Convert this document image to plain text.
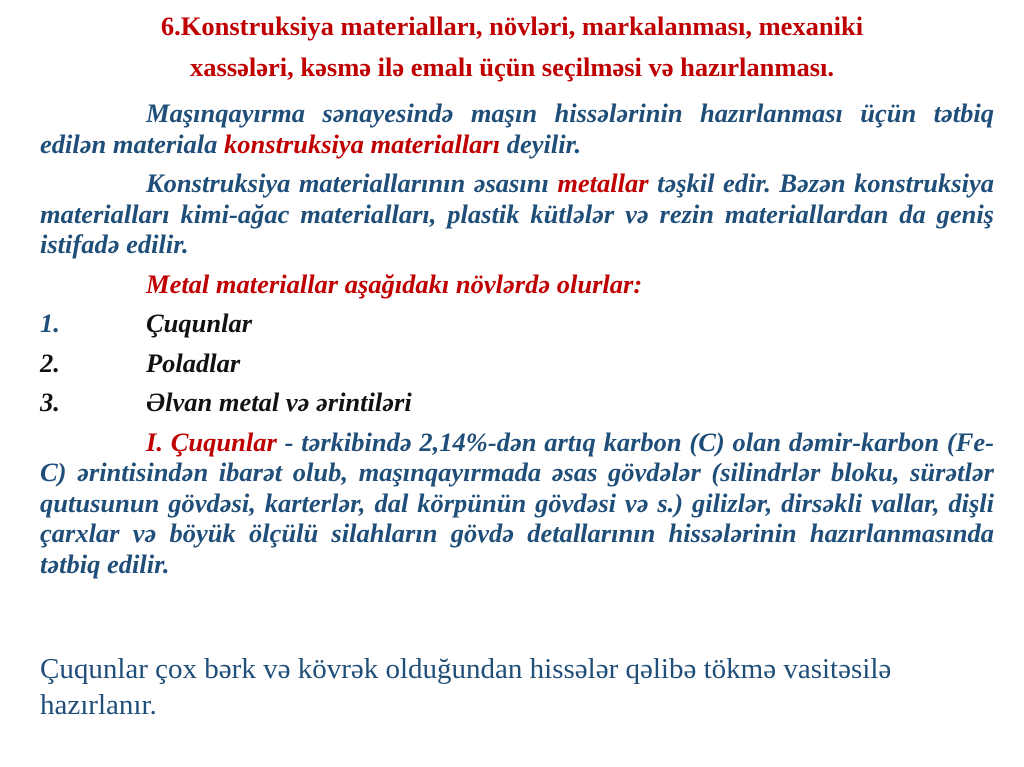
6.Konstruksiya materialları, növləri, markalanması, mexaniki
xassələri, kəsmə ilə emalı üçün seçilməsi və hazırlanması.

Maşınqayırma sənayesində maşın hissələrinin hazırlanması üçün tətbiq edilən materiala konstruksiya materialları deyilir.

Konstruksiya materiallarının əsasını metallar təşkil edir. Bəzən konstruksiya materialları kimi-ağac materialları, plastik kütlələr və rezin materiallardan da geniş istifadə edilir.

Metal materiallar aşağıdakı növlərdə olurlar:

1.	Çuqunlar
2.	Poladlar
3.	Əlvan metal və ərintiləri

I. Çuqunlar - tərkibində 2,14%-dən artıq karbon (C) olan dəmir-karbon (Fe-C) ərintisindən ibarət olub, maşınqayırmada əsas gövdələr (silindrlər bloku, sürətlər qutusunun gövdəsi, karterlər, dal körpünün gövdəsi və s.) gilizlər, dirsəkli vallar, dişli çarxlar və böyük ölçülü silahların gövdə detallarının hissələrinin hazırlanmasında tətbiq edilir.

Çuqunlar çox bərk və kövrək olduğundan hissələr qəlibə tökmə vasitəsilə hazırlanır.
